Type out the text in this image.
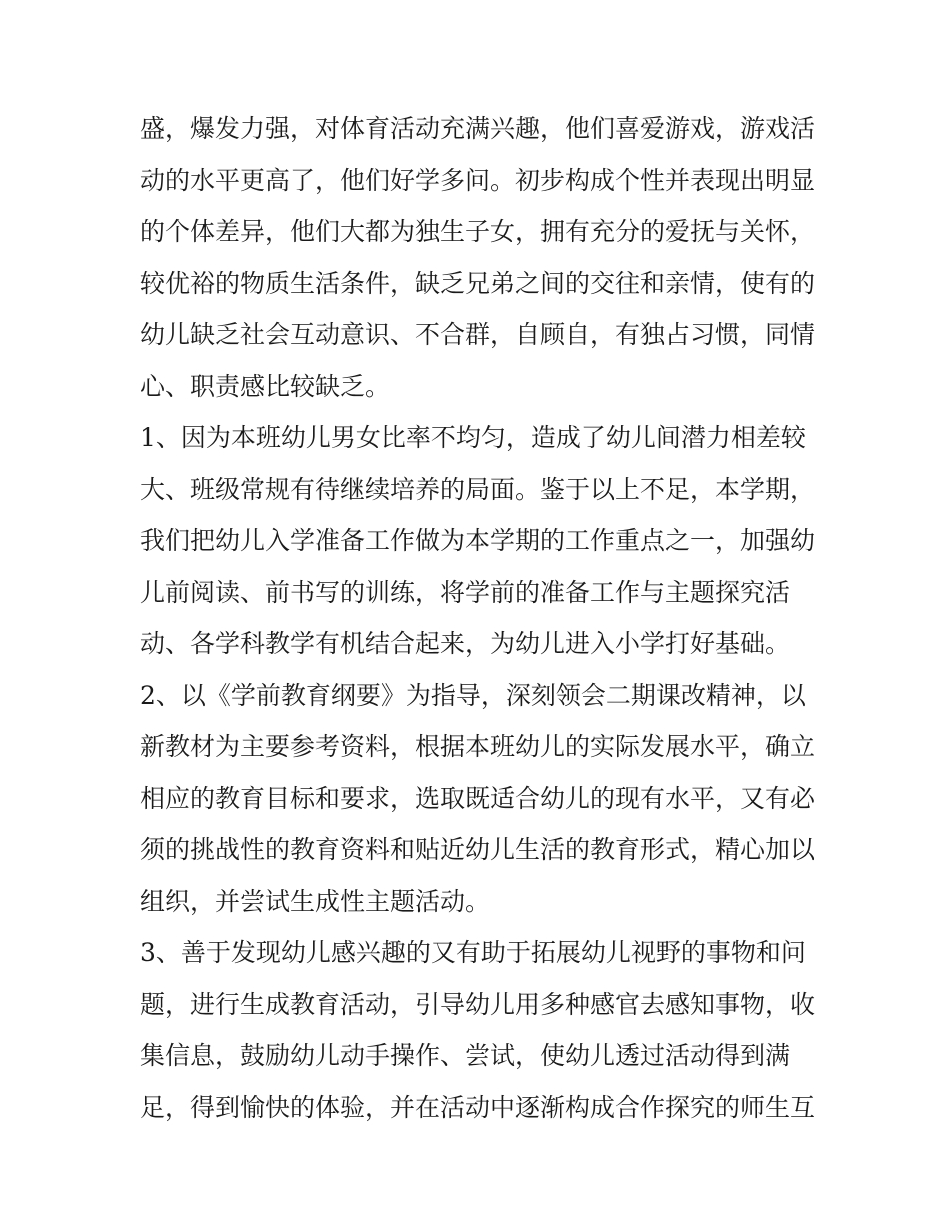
盛，爆发力强，对体育活动充满兴趣，他们喜爱游戏，游戏活
动的水平更高了，他们好学多问。初步构成个性并表现出明显
的个体差异，他们大都为独生子女，拥有充分的爱抚与关怀，
较优裕的物质生活条件，缺乏兄弟之间的交往和亲情，使有的
幼儿缺乏社会互动意识、不合群，自顾自，有独占习惯，同情
心、职责感比较缺乏。
1、因为本班幼儿男女比率不均匀，造成了幼儿间潜力相差较
大、班级常规有待继续培养的局面。鉴于以上不足，本学期，
我们把幼儿入学准备工作做为本学期的工作重点之一，加强幼
儿前阅读、前书写的训练，将学前的准备工作与主题探究活
动、各学科教学有机结合起来，为幼儿进入小学打好基础。
2、以《学前教育纲要》为指导，深刻领会二期课改精神，以
新教材为主要参考资料，根据本班幼儿的实际发展水平，确立
相应的教育目标和要求，选取既适合幼儿的现有水平，又有必
须的挑战性的教育资料和贴近幼儿生活的教育形式，精心加以
组织，并尝试生成性主题活动。
3、善于发现幼儿感兴趣的又有助于拓展幼儿视野的事物和问
题，进行生成教育活动，引导幼儿用多种感官去感知事物，收
集信息，鼓励幼儿动手操作、尝试，使幼儿透过活动得到满
足，得到愉快的体验，并在活动中逐渐构成合作探究的师生互
